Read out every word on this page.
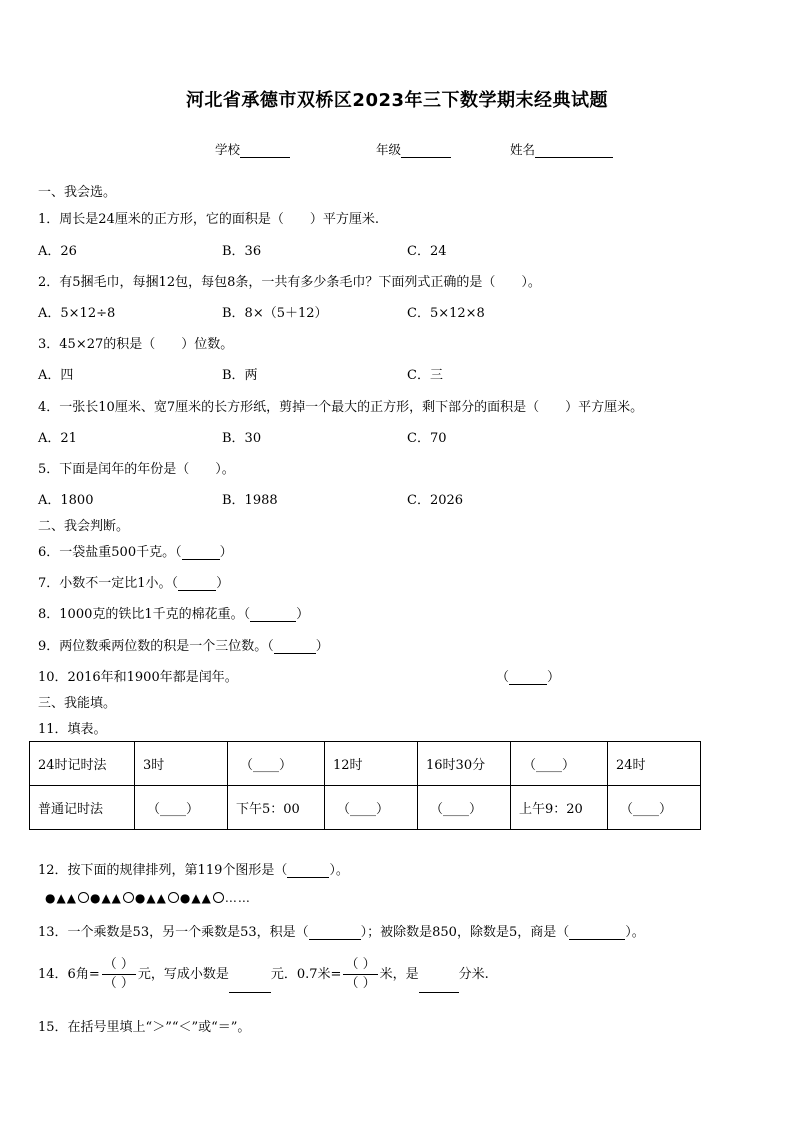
河北省承德市双桥区2023年三下数学期末经典试题
学校	年级	姓名
一、我会选。
1．周长是24厘米的正方形，它的面积是（　　）平方厘米.
A．26	B．36	C．24
2．有5捆毛巾，每捆12包，每包8条，一共有多少条毛巾？下面列式正确的是（　　）。
A．5×12÷8	B．8×（5＋12）	C．5×12×8
3．45×27的积是（　　）位数。
A．四	B．两	C．三
4．一张长10厘米、宽7厘米的长方形纸，剪掉一个最大的正方形，剩下部分的面积是（　　）平方厘米。
A．21	B．30	C．70
5．下面是闰年的年份是（　　）。
A．1800	B．1988	C．2026
二、我会判断。
6．一袋盐重500千克。（	）
7．小数不一定比1小。（	）
8．1000克的铁比1千克的棉花重。（	）
9．两位数乘两位数的积是一个三位数。（	）
10．2016年和1900年都是闰年。	（	）
三、我能填。
11．填表。
24时记时法	3时	（____）	12时	16时30分	（____）	24时
普通记时法	（____）	下午5：00	（____）	（____）	上午9：20	（____）
12．按下面的规律排列，第119个图形是（	）。
●▲▲ ●▲▲ ●▲▲ ●▲▲ ……
13．一个乘数是53，另一个乘数是53，积是（	）；被除数是850，除数是5，商是（	）。
14．6角= $\frac{( )}{( )}$ 元，写成小数是	元．0.7米= $\frac{( )}{( )}$ 米，是	分米.
15．在括号里填上“＞”“＜”或“＝”。
